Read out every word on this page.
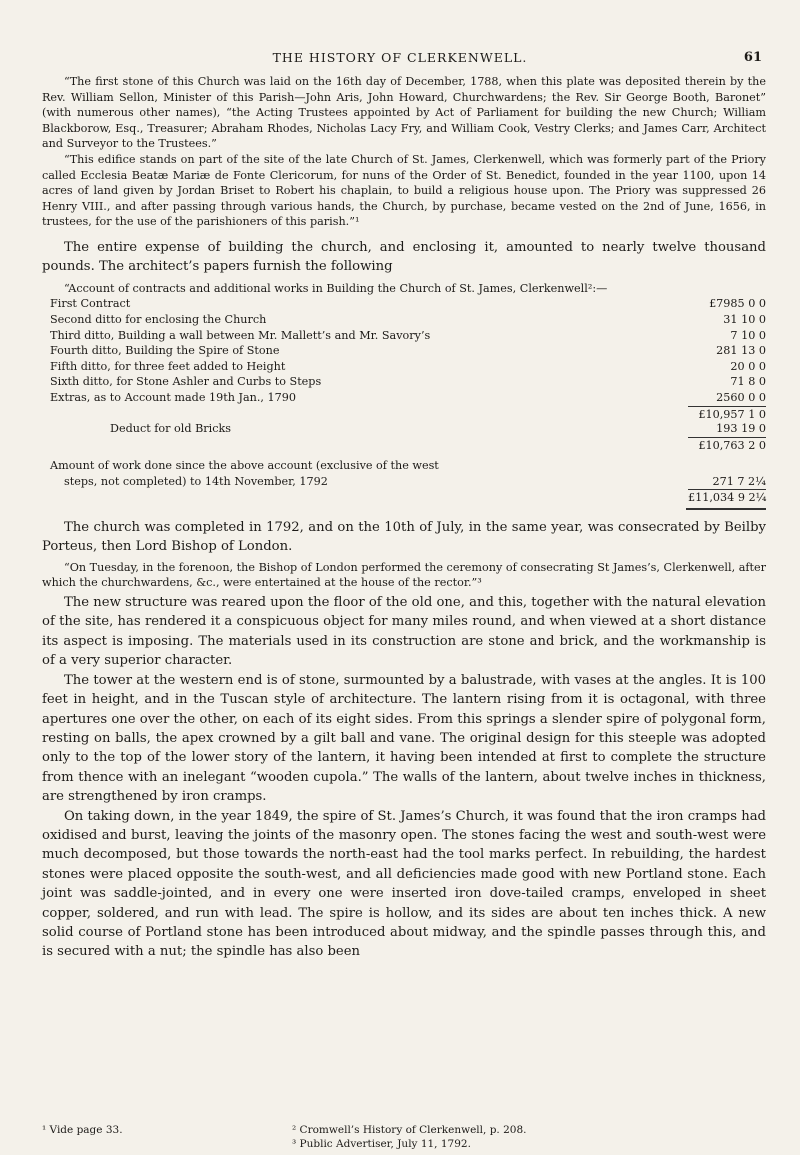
THE HISTORY OF CLERKENWELL.	61

“The first stone of this Church was laid on the 16th day of December, 1788, when this plate was deposited therein by the Rev. William Sellon, Minister of this Parish—John Aris, John Howard, Churchwardens; the Rev. Sir George Booth, Baronet” (with numerous other names), “the Acting Trustees appointed by Act of Parliament for building the new Church; William Blackborow, Esq., Treasurer; Abraham Rhodes, Nicholas Lacy Fry, and William Cook, Vestry Clerks; and James Carr, Architect and Surveyor to the Trustees.”

“This edifice stands on part of the site of the late Church of St. James, Clerkenwell, which was formerly part of the Priory called Ecclesia Beatæ Mariæ de Fonte Clericorum, for nuns of the Order of St. Benedict, founded in the year 1100, upon 14 acres of land given by Jordan Briset to Robert his chaplain, to build a religious house upon. The Priory was suppressed 26 Henry VIII., and after passing through various hands, the Church, by purchase, became vested on the 2nd of June, 1656, in trustees, for the use of the parishioners of this parish.”¹

The entire expense of building the church, and enclosing it, amounted to nearly twelve thousand pounds. The architect’s papers furnish the following

“Account of contracts and additional works in Building the Church of St. James, Clerkenwell²:—
First Contract	£7985 0 0
Second ditto for enclosing the Church	31 10 0
Third ditto, Building a wall between Mr. Mallett’s and Mr. Savory’s	7 10 0
Fourth ditto, Building the Spire of Stone	281 13 0
Fifth ditto, for three feet added to Height	20 0 0
Sixth ditto, for Stone Ashler and Curbs to Steps	71 8 0
Extras, as to Account made 19th Jan., 1790	2560 0 0
£10,957 1 0
Deduct for old Bricks	193 19 0
£10,763 2 0
Amount of work done since the above account (exclusive of the west
steps, not completed) to 14th November, 1792	271 7 2¼
£11,034 9 2¼

The church was completed in 1792, and on the 10th of July, in the same year, was consecrated by Beilby Porteus, then Lord Bishop of London.

“On Tuesday, in the forenoon, the Bishop of London performed the ceremony of consecrating St James’s, Clerkenwell, after which the churchwardens, &c., were entertained at the house of the rector.”³

The new structure was reared upon the floor of the old one, and this, together with the natural elevation of the site, has rendered it a conspicuous object for many miles round, and when viewed at a short distance its aspect is imposing. The materials used in its construction are stone and brick, and the workmanship is of a very superior character.

The tower at the western end is of stone, surmounted by a balustrade, with vases at the angles. It is 100 feet in height, and in the Tuscan style of architecture. The lantern rising from it is octagonal, with three apertures one over the other, on each of its eight sides. From this springs a slender spire of polygonal form, resting on balls, the apex crowned by a gilt ball and vane. The original design for this steeple was adopted only to the top of the lower story of the lantern, it having been intended at first to complete the structure from thence with an inelegant “wooden cupola.” The walls of the lantern, about twelve inches in thickness, are strengthened by iron cramps.

On taking down, in the year 1849, the spire of St. James’s Church, it was found that the iron cramps had oxidised and burst, leaving the joints of the masonry open. The stones facing the west and south-west were much decomposed, but those towards the north-east had the tool marks perfect. In rebuilding, the hardest stones were placed opposite the south-west, and all deficiencies made good with new Portland stone. Each joint was saddle-jointed, and in every one were inserted iron dove-tailed cramps, enveloped in sheet copper, soldered, and run with lead. The spire is hollow, and its sides are about ten inches thick. A new solid course of Portland stone has been introduced about midway, and the spindle passes through this, and is secured with a nut; the spindle has also been

¹ Vide page 33.	² Cromwell’s History of Clerkenwell, p. 208.
³ Public Advertiser, July 11, 1792.
